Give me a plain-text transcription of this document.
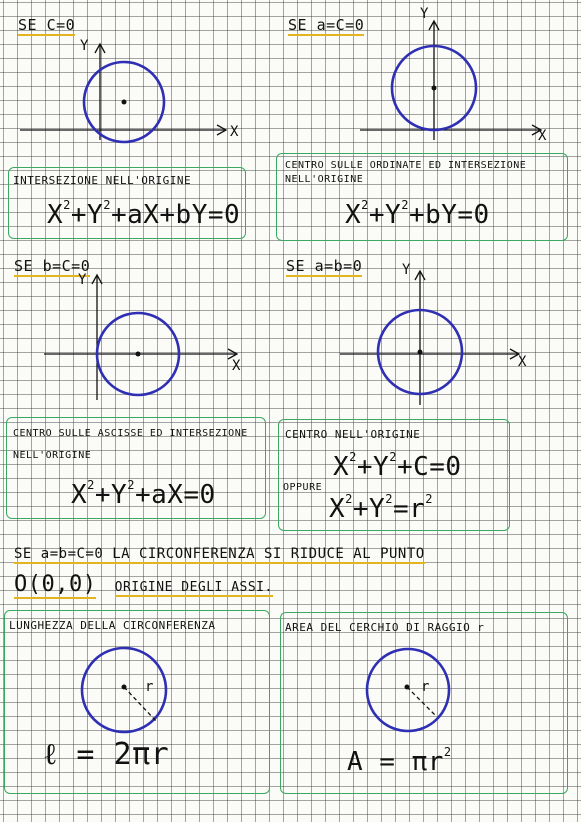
SE C=0
Y
X
INTERSEZIONE NELL'ORIGINE
$X^2+Y^2+aX+bY=0$
SE a=C=0
Y
X
CENTRO SULLE ORDINATE ED INTERSEZIONE
NELL'ORIGINE
$X^2+Y^2+bY=0$
SE b=C=0
Y
X
CENTRO SULLE ASCISSE ED INTERSEZIONE
NELL'ORIGINE
$X^2+Y^2+aX=0$
SE a=b=0	Y
X
CENTRO NELL'ORIGINE
$X^2+Y^2+C=0$
OPPURE
$X^2+Y^2=r^2$
SE a=b=C=0 LA CIRCONFERENZA SI RIDUCE AL PUNTO
O(0,0) ORIGINE DEGLI ASSI.
LUNGHEZZA DELLA CIRCONFERENZA
r
ℓ = 2πr
AREA DEL CERCHIO DI RAGGIO r
r
$A = \pi r^2$
